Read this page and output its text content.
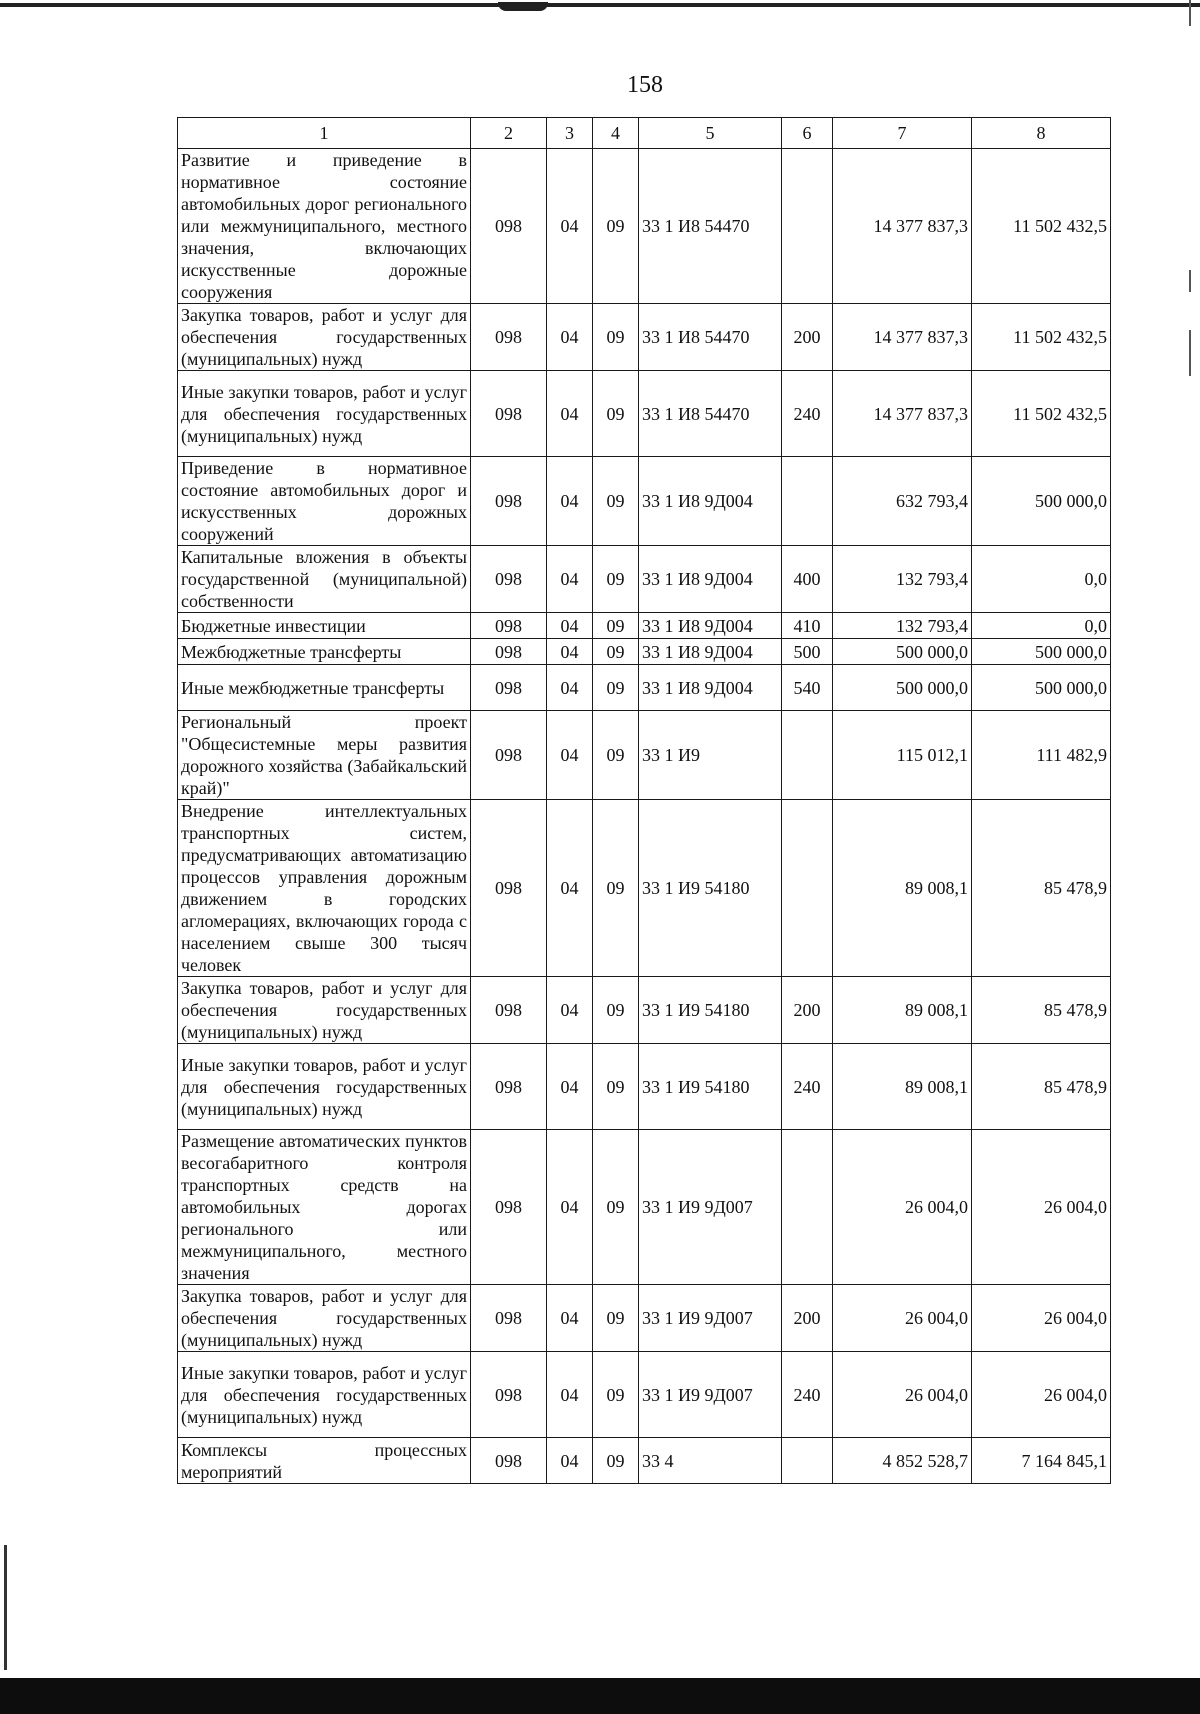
158
1	2	3	4	5	6	7	8
Развитие и приведение в нормативное состояние автомобильных дорог регионального или межмуниципального, местного значения, включающих искусственные дорожные сооружения	098	04	09	33 1 И8 54470		14 377 837,3	11 502 432,5
Закупка товаров, работ и услуг для обеспечения государственных (муниципальных) нужд	098	04	09	33 1 И8 54470	200	14 377 837,3	11 502 432,5
Иные закупки товаров, работ и услуг для обеспечения государственных (муниципальных) нужд	098	04	09	33 1 И8 54470	240	14 377 837,3	11 502 432,5
Приведение в нормативное состояние автомобильных дорог и искусственных дорожных сооружений	098	04	09	33 1 И8 9Д004		632 793,4	500 000,0
Капитальные вложения в объекты государственной (муниципальной) собственности	098	04	09	33 1 И8 9Д004	400	132 793,4	0,0
Бюджетные инвестиции	098	04	09	33 1 И8 9Д004	410	132 793,4	0,0
Межбюджетные трансферты	098	04	09	33 1 И8 9Д004	500	500 000,0	500 000,0
Иные межбюджетные трансферты	098	04	09	33 1 И8 9Д004	540	500 000,0	500 000,0
Региональный проект "Общесистемные меры развития дорожного хозяйства (Забайкальский край)"	098	04	09	33 1 И9		115 012,1	111 482,9
Внедрение интеллектуальных транспортных систем, предусматривающих автоматизацию процессов управления дорожным движением в городских агломерациях, включающих города с населением свыше 300 тысяч человек	098	04	09	33 1 И9 54180		89 008,1	85 478,9
Закупка товаров, работ и услуг для обеспечения государственных (муниципальных) нужд	098	04	09	33 1 И9 54180	200	89 008,1	85 478,9
Иные закупки товаров, работ и услуг для обеспечения государственных (муниципальных) нужд	098	04	09	33 1 И9 54180	240	89 008,1	85 478,9
Размещение автоматических пунктов весогабаритного контроля транспортных средств на автомобильных дорогах регионального или межмуниципального, местного значения	098	04	09	33 1 И9 9Д007		26 004,0	26 004,0
Закупка товаров, работ и услуг для обеспечения государственных (муниципальных) нужд	098	04	09	33 1 И9 9Д007	200	26 004,0	26 004,0
Иные закупки товаров, работ и услуг для обеспечения государственных (муниципальных) нужд	098	04	09	33 1 И9 9Д007	240	26 004,0	26 004,0
Комплексы процессных мероприятий	098	04	09	33 4		4 852 528,7	7 164 845,1
